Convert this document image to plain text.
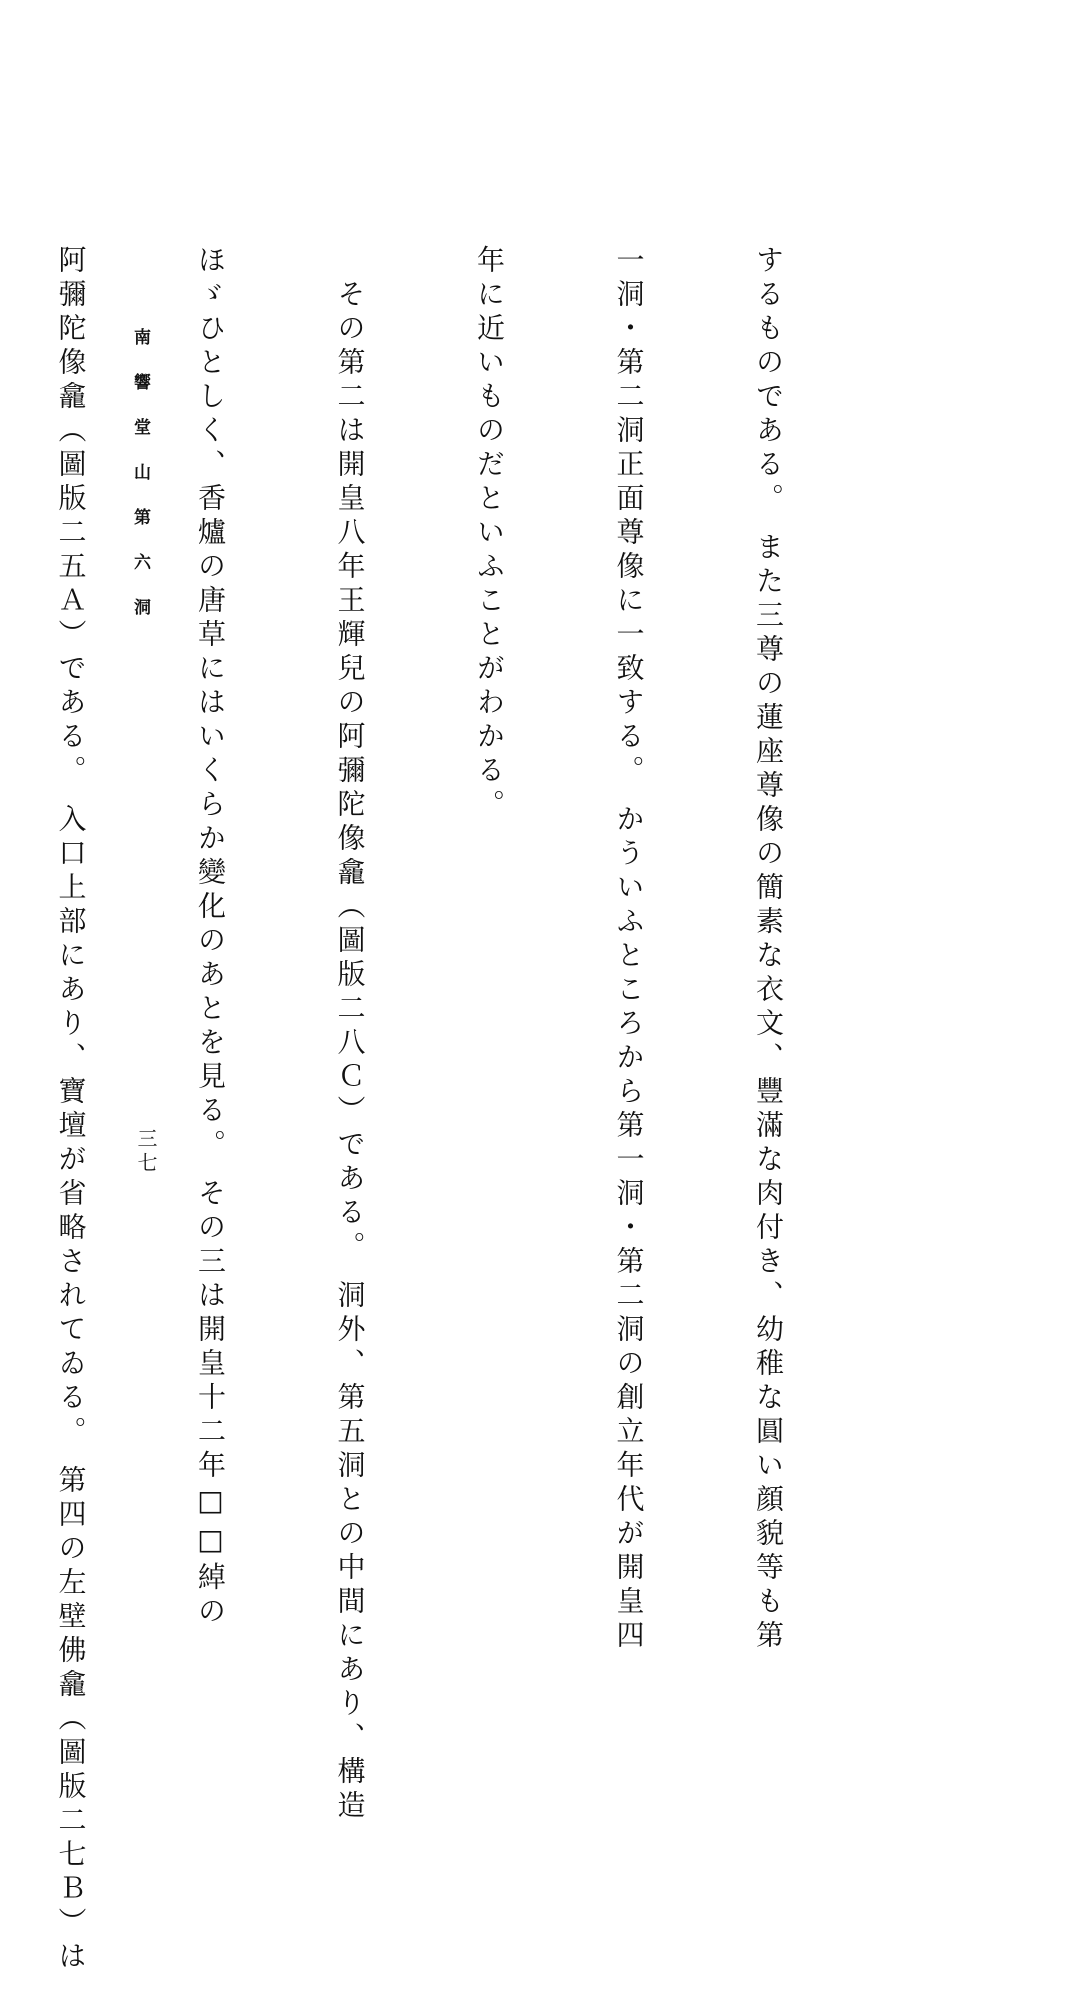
するものである。 また三尊の蓮座尊像の簡素な衣文、豐滿な肉付き、幼稚な圓い顔貌等も第

一洞・第二洞正面尊像に一致する。 かういふところから第一洞・第二洞の創立年代が開皇四

年に近いものだといふことがわかる。

　その第二は開皇八年王輝兒の阿彌陀像龕（圖版二八Ｃ）である。 洞外、第五洞との中間にあり、構造

ほゞひとしく、香爐の唐草にはいくらか變化のあとを見る。 その三は開皇十二年□□綽の

阿彌陀像龕（圖版二五Ａ）である。 入口上部にあり、寶壇が省略されてゐる。 第四の左壁佛龕（圖版二七Ｂ）は

	南響堂山第六洞
三七
